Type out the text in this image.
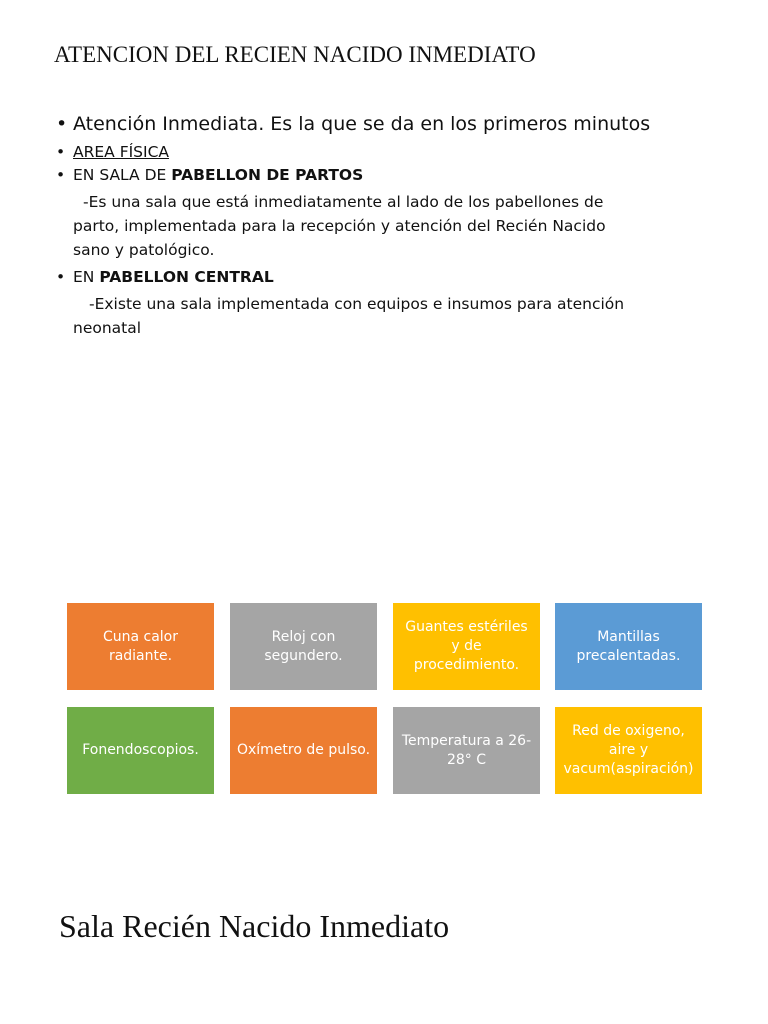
ATENCION DEL RECIEN NACIDO INMEDIATO
• Atención Inmediata. Es la que se da en los primeros minutos
• AREA FÍSICA
• EN SALA DE PABELLON DE PARTOS
-Es una sala que está inmediatamente al lado de los pabellones de
parto, implementada para la recepción y atención del Recién Nacido
sano y patológico.
• EN PABELLON CENTRAL
-Existe una sala implementada con equipos e insumos para atención
neonatal
Cuna calor radiante.
Reloj con segundero.
Guantes estériles y de procedimiento.
Mantillas precalentadas.
Fonendoscopios.	Oxímetro de pulso.
Temperatura a 26-28° C
Red de oxigeno, aire y vacum(aspiración)
Sala Recién Nacido Inmediato
